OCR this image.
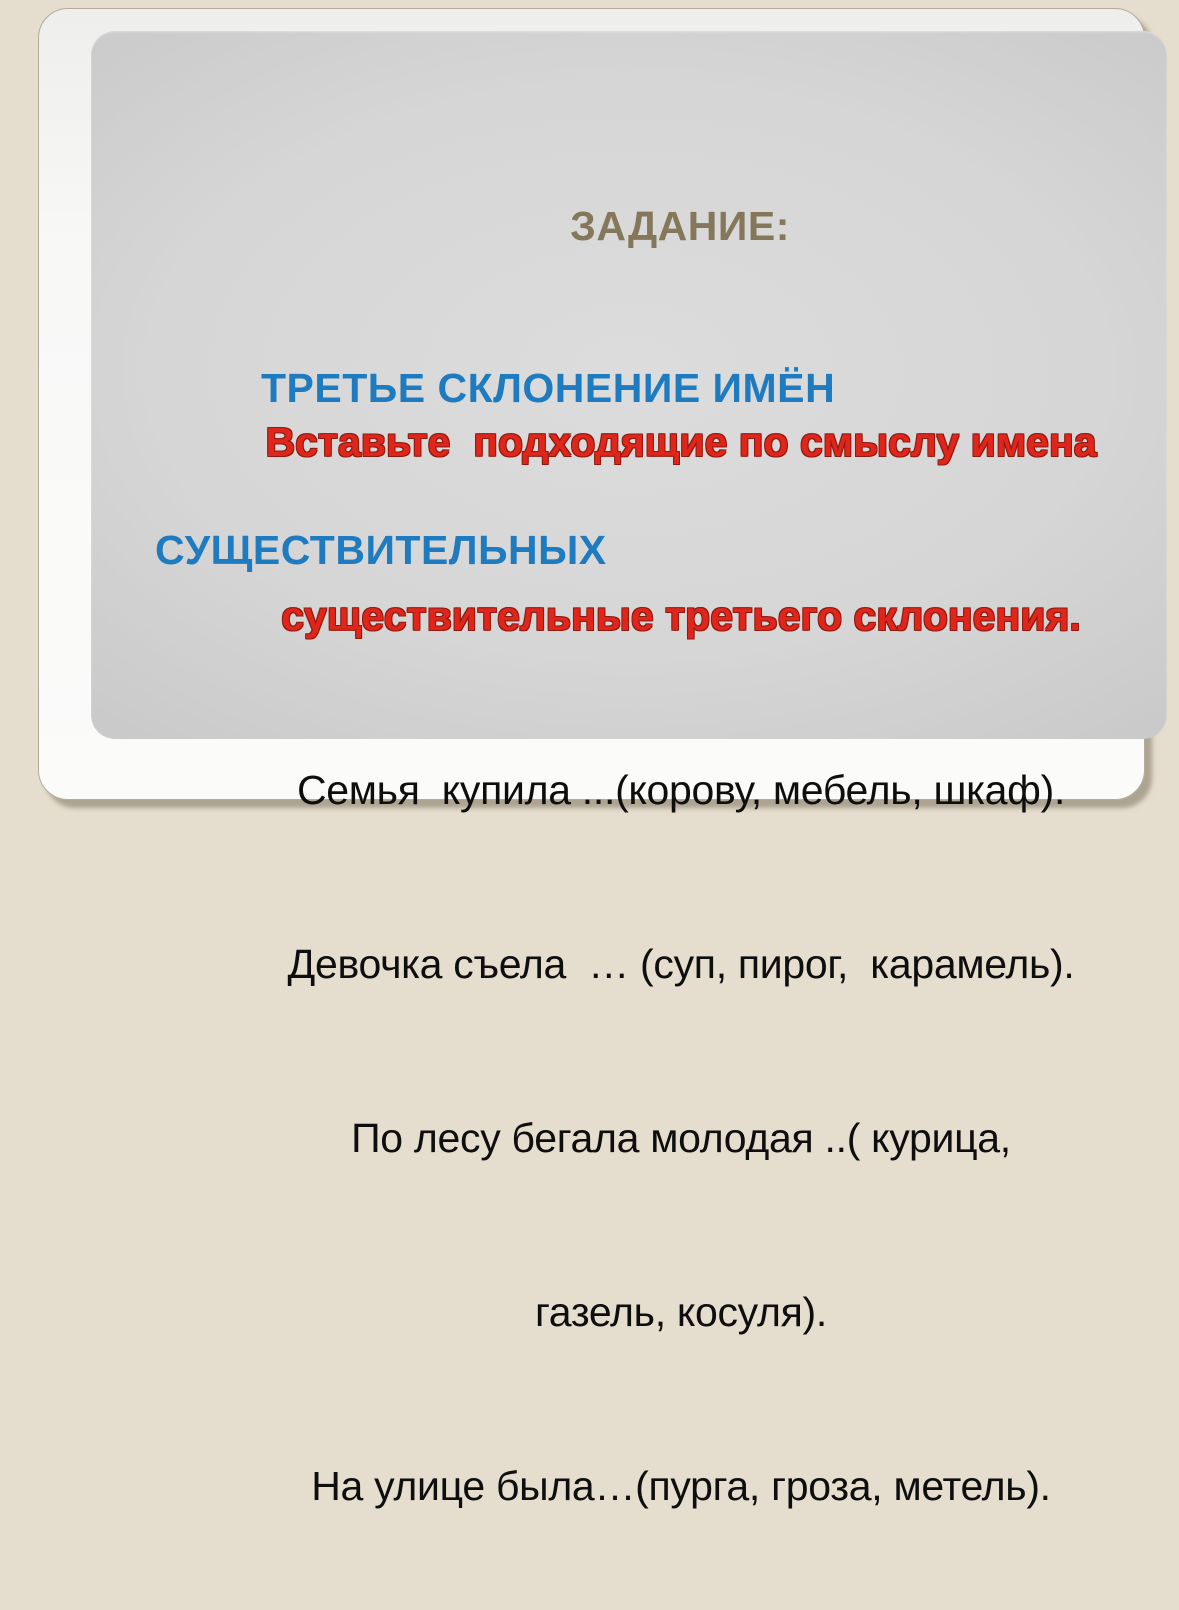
ЗАДАНИЕ:

ТРЕТЬЕ СКЛОНЕНИЕ ИМЁН

СУЩЕСТВИТЕЛЬНЫХ

Вставьте  подходящие по смыслу имена

существительные третьего склонения.

Семья  купила ...(корову, мебель, шкаф).

Девочка съела  … (суп, пирог,  карамель).

По лесу бегала молодая ..( курица,

газель, косуля).

На улице была…(пурга, гроза, метель).
